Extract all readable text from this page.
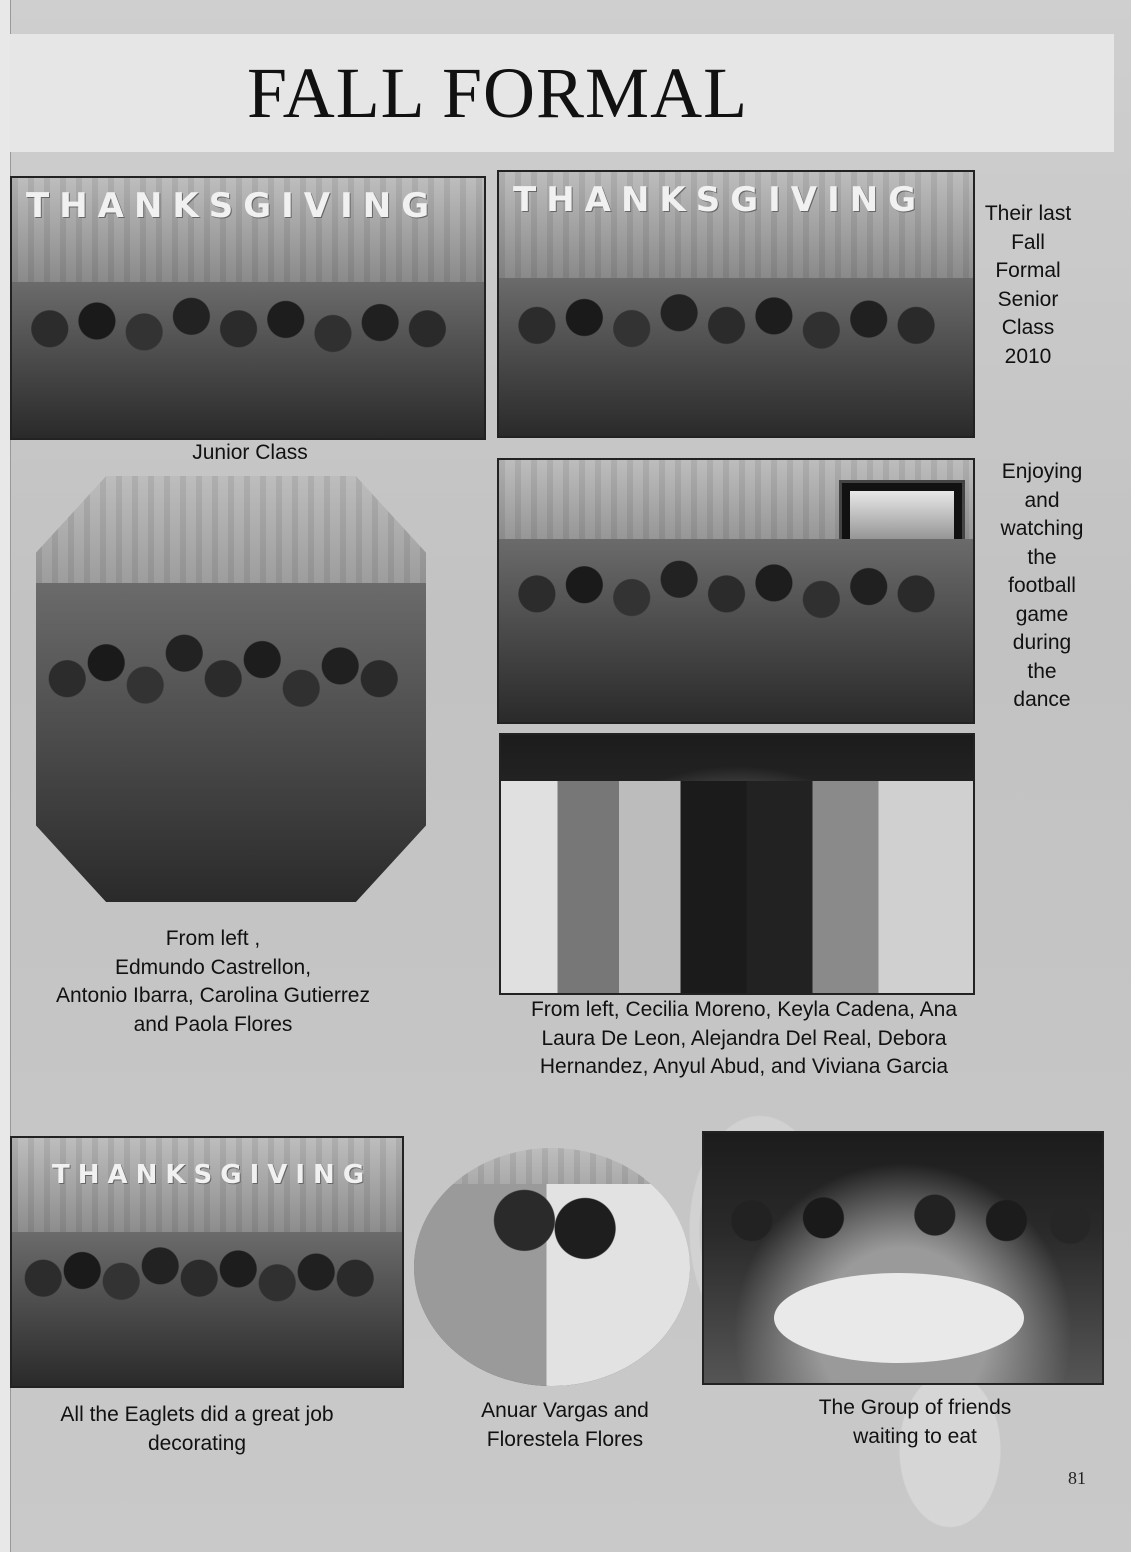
FALL FORMAL
THANKSGIVING
Junior Class
THANKSGIVING	Their last
Fall
Formal
Senior
Class
2010
From left ,
Edmundo Castrellon,
Antonio Ibarra, Carolina Gutierrez
and Paola Flores
Enjoying
and
watching
the
football
game
during
the
dance
From left, Cecilia Moreno, Keyla Cadena, Ana
Laura De Leon, Alejandra Del Real, Debora
Hernandez, Anyul Abud, and Viviana Garcia
THANKSGIVING
All the Eaglets did a great job
decorating
Anuar Vargas and
Florestela Flores
The Group of friends
waiting to eat
81
